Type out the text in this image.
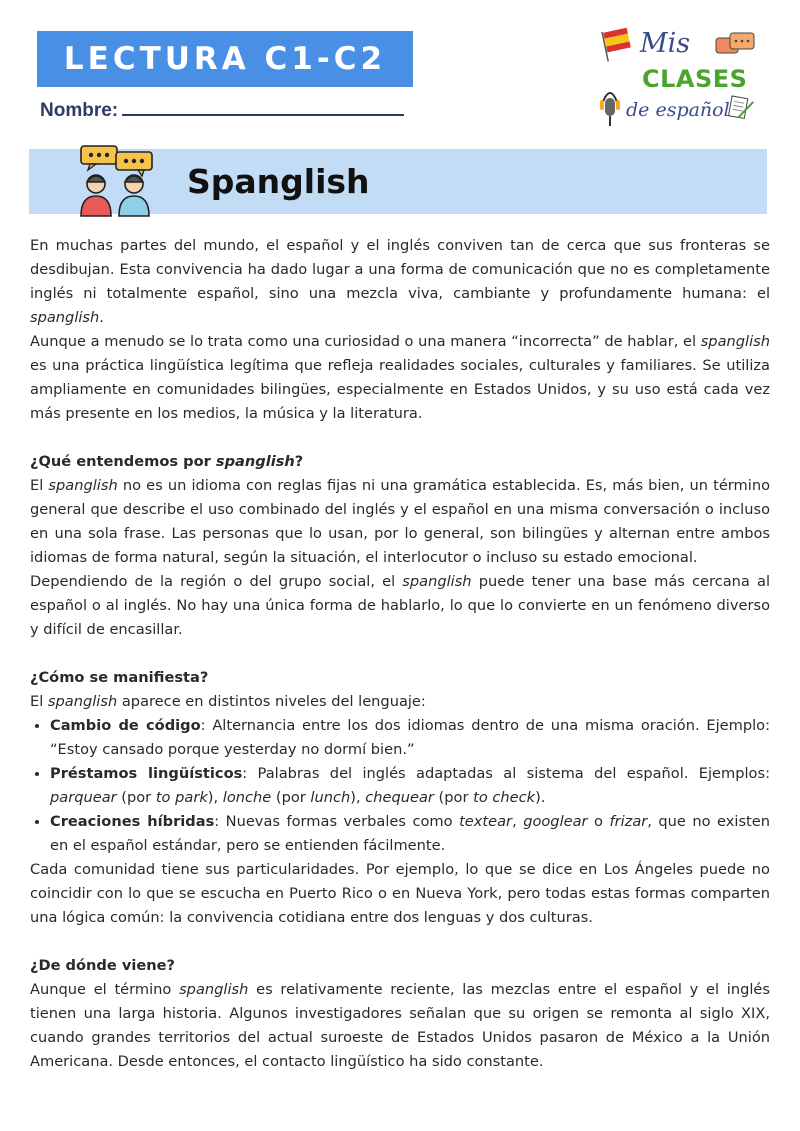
LECTURA C1-C2
Nombre:
Mis
CLASES
de español
Spanglish

En muchas partes del mundo, el español y el inglés conviven tan de cerca que sus fronteras se desdibujan. Esta convivencia ha dado lugar a una forma de comunicación que no es completamente inglés ni totalmente español, sino una mezcla viva, cambiante y profundamente humana: el spanglish.

Aunque a menudo se lo trata como una curiosidad o una manera “incorrecta” de hablar, el spanglish es una práctica lingüística legítima que refleja realidades sociales, culturales y familiares. Se utiliza ampliamente en comunidades bilingües, especialmente en Estados Unidos, y su uso está cada vez más presente en los medios, la música y la literatura.

¿Qué entendemos por spanglish?

El spanglish no es un idioma con reglas fijas ni una gramática establecida. Es, más bien, un término general que describe el uso combinado del inglés y el español en una misma conversación o incluso en una sola frase. Las personas que lo usan, por lo general, son bilingües y alternan entre ambos idiomas de forma natural, según la situación, el interlocutor o incluso su estado emocional.

Dependiendo de la región o del grupo social, el spanglish puede tener una base más cercana al español o al inglés. No hay una única forma de hablarlo, lo que lo convierte en un fenómeno diverso y difícil de encasillar.

¿Cómo se manifiesta?

El spanglish aparece en distintos niveles del lenguaje:

• Cambio de código: Alternancia entre los dos idiomas dentro de una misma oración. Ejemplo: “Estoy cansado porque yesterday no dormí bien.”
• Préstamos lingüísticos: Palabras del inglés adaptadas al sistema del español. Ejemplos: parquear (por to park), lonche (por lunch), chequear (por to check).
• Creaciones híbridas: Nuevas formas verbales como textear, googlear o frizar, que no existen en el español estándar, pero se entienden fácilmente.

Cada comunidad tiene sus particularidades. Por ejemplo, lo que se dice en Los Ángeles puede no coincidir con lo que se escucha en Puerto Rico o en Nueva York, pero todas estas formas comparten una lógica común: la convivencia cotidiana entre dos lenguas y dos culturas.

¿De dónde viene?

Aunque el término spanglish es relativamente reciente, las mezclas entre el español y el inglés tienen una larga historia. Algunos investigadores señalan que su origen se remonta al siglo XIX, cuando grandes territorios del actual suroeste de Estados Unidos pasaron de México a la Unión Americana. Desde entonces, el contacto lingüístico ha sido constante.
